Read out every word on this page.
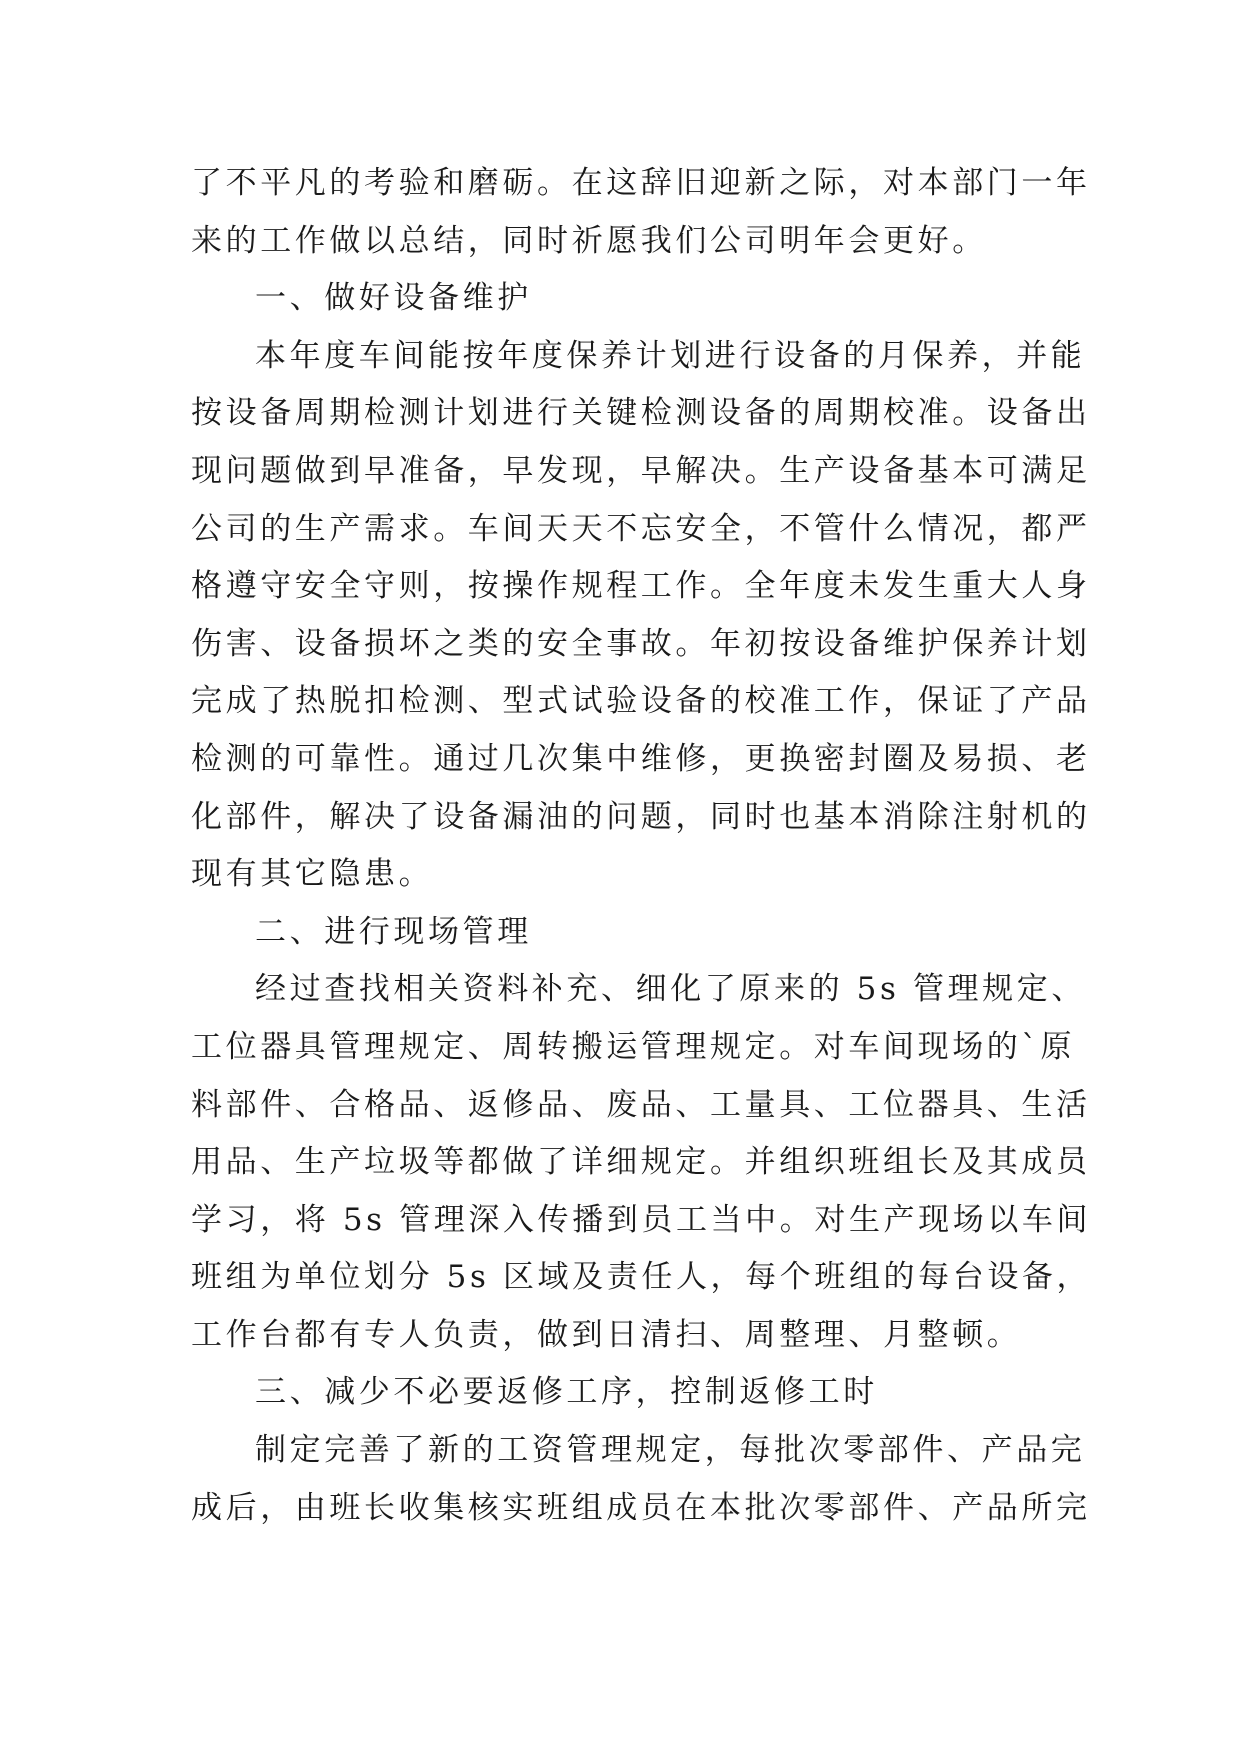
了不平凡的考验和磨砺。在这辞旧迎新之际，对本部门一年
来的工作做以总结，同时祈愿我们公司明年会更好。
一、做好设备维护
本年度车间能按年度保养计划进行设备的月保养，并能
按设备周期检测计划进行关键检测设备的周期校准。设备出
现问题做到早准备，早发现，早解决。生产设备基本可满足
公司的生产需求。车间天天不忘安全，不管什么情况，都严
格遵守安全守则，按操作规程工作。全年度未发生重大人身
伤害、设备损坏之类的安全事故。年初按设备维护保养计划
完成了热脱扣检测、型式试验设备的校准工作，保证了产品
检测的可靠性。通过几次集中维修，更换密封圈及易损、老
化部件，解决了设备漏油的问题，同时也基本消除注射机的
现有其它隐患。
二、进行现场管理
经过查找相关资料补充、细化了原来的 5s 管理规定、
工位器具管理规定、周转搬运管理规定。对车间现场的`原
料部件、合格品、返修品、废品、工量具、工位器具、生活
用品、生产垃圾等都做了详细规定。并组织班组长及其成员
学习，将 5s 管理深入传播到员工当中。对生产现场以车间
班组为单位划分 5s 区域及责任人，每个班组的每台设备，
工作台都有专人负责，做到日清扫、周整理、月整顿。
三、减少不必要返修工序，控制返修工时
制定完善了新的工资管理规定，每批次零部件、产品完
成后，由班长收集核实班组成员在本批次零部件、产品所完
